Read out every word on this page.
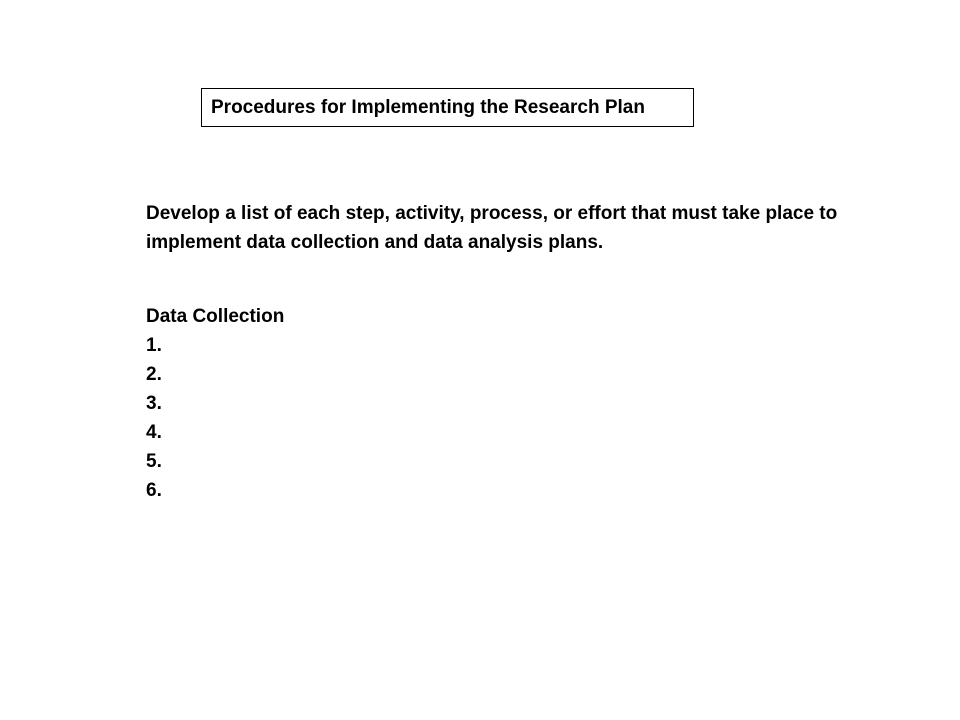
Procedures for Implementing the Research Plan

Develop a list of each step, activity, process, or effort that must take place to implement data collection and data analysis plans.

Data Collection
1.
2.
3.
4.
5.
6.
